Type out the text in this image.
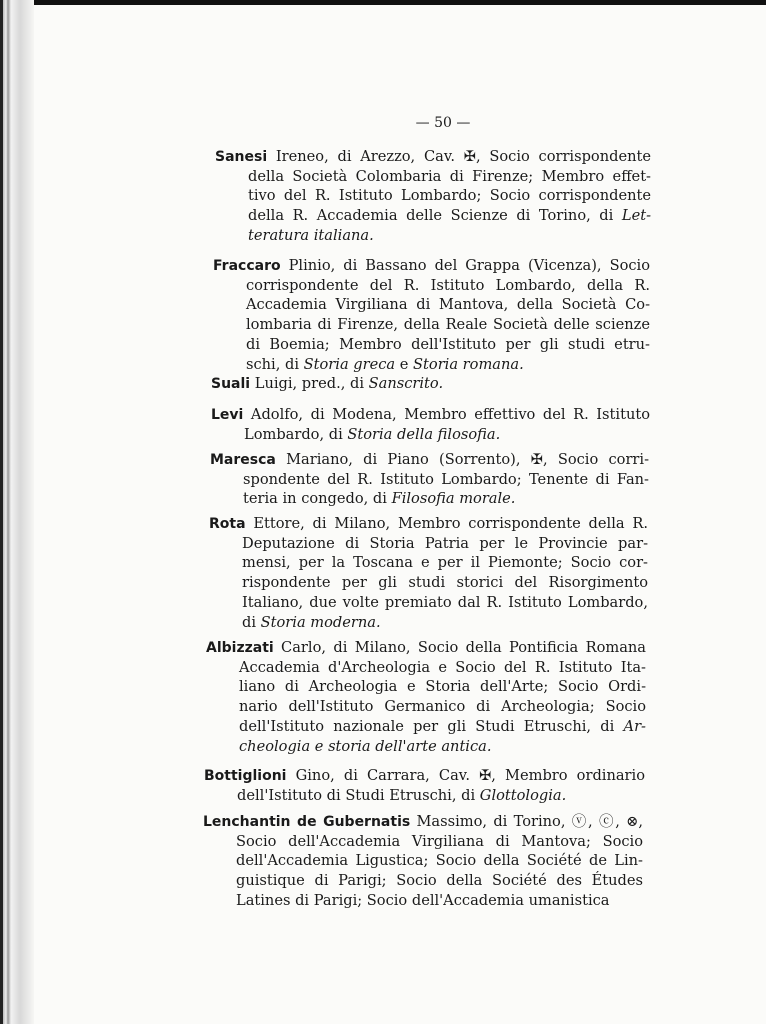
— 50 —
Sanesi Ireneo, di Arezzo, Cav. ✠, Socio corrispondente
della Società Colombaria di Firenze; Membro effet-
tivo del R. Istituto Lombardo; Socio corrispondente
della R. Accademia delle Scienze di Torino, di Let-
teratura italiana.
Fraccaro Plinio, di Bassano del Grappa (Vicenza), Socio
corrispondente del R. Istituto Lombardo, della R.
Accademia Virgiliana di Mantova, della Società Co-
lombaria di Firenze, della Reale Società delle scienze
di Boemia; Membro dell'Istituto per gli studi etru-
schi, di Storia greca e Storia romana.
Suali Luigi, pred., di Sanscrito.
Levi Adolfo, di Modena, Membro effettivo del R. Istituto
Lombardo, di Storia della filosofia.
Maresca Mariano, di Piano (Sorrento), ✠, Socio corri-
spondente del R. Istituto Lombardo; Tenente di Fan-
teria in congedo, di Filosofia morale.
Rota Ettore, di Milano, Membro corrispondente della R.
Deputazione di Storia Patria per le Provincie par-
mensi, per la Toscana e per il Piemonte; Socio cor-
rispondente per gli studi storici del Risorgimento
Italiano, due volte premiato dal R. Istituto Lombardo,
di Storia moderna.
Albizzati Carlo, di Milano, Socio della Pontificia Romana
Accademia d'Archeologia e Socio del R. Istituto Ita-
liano di Archeologia e Storia dell'Arte; Socio Ordi-
nario dell'Istituto Germanico di Archeologia; Socio
dell'Istituto nazionale per gli Studi Etruschi, di Ar-
cheologia e storia dell'arte antica.
Bottiglioni Gino, di Carrara, Cav. ✠, Membro ordinario
dell'Istituto di Studi Etruschi, di Glottologia.
Lenchantin de Gubernatis Massimo, di Torino, ⓥ, ⓒ, ⊗,
Socio dell'Accademia Virgiliana di Mantova; Socio
dell'Accademia Ligustica; Socio della Société de Lin-
guistique di Parigi; Socio della Société des Études
Latines di Parigi; Socio dell'Accademia umanistica
